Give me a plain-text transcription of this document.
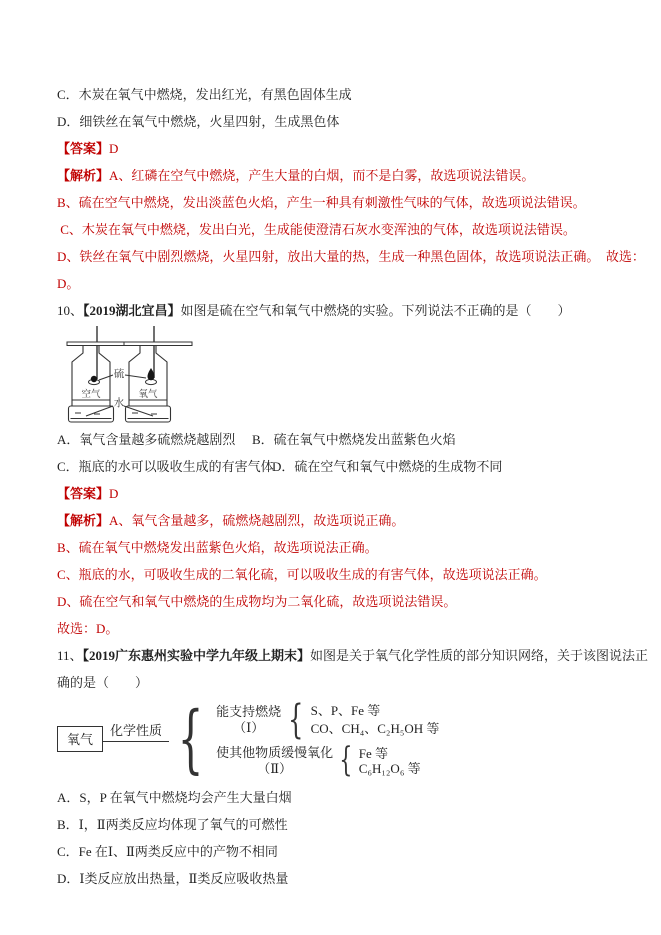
C．木炭在氧气中燃烧，发出红光，有黑色固体生成

D．细铁丝在氧气中燃烧，火星四射，生成黑色体

【答案】D

【解析】A、红磷在空气中燃烧，产生大量的白烟，而不是白雾，故选项说法错误。

B、硫在空气中燃烧，发出淡蓝色火焰，产生一种具有刺激性气味的气体，故选项说法错误。

C、木炭在氧气中燃烧，发出白光，生成能使澄清石灰水变浑浊的气体，故选项说法错误。

D、铁丝在氧气中剧烈燃烧，火星四射，放出大量的热，生成一种黑色固体，故选项说法正确。  故选：D。

10、【2019湖北宜昌】如图是硫在空气和氧气中燃烧的实验。下列说法不正确的是（　　）

空气	氧气
硫
水

A．氧气含量越多硫燃烧越剧烈 B．硫在氧气中燃烧发出蓝紫色火焰

C．瓶底的水可以吸收生成的有害气体D．硫在空气和氧气中燃烧的生成物不同

【答案】D

【解析】A、氧气含量越多，硫燃烧越剧烈，故选项说正确。

B、硫在氧气中燃烧发出蓝紫色火焰，故选项说法正确。

C、瓶底的水，可吸收生成的二氧化硫，可以吸收生成的有害气体，故选项说法正确。

D、硫在空气和氧气中燃烧的生成物均为二氧化硫，故选项说法错误。

故选：D。

11、【2019广东惠州实验中学九年级上期末】如图是关于氧气化学性质的部分知识网络，关于该图说法正确的是（　　）

氧气
化学性质 { 能支持燃烧
（Ⅰ） { S、P、Fe 等
CO、CH₄、C₂H₅OH 等
使其他物质缓慢氧化
（Ⅱ） { Fe 等
C₆H₁₂O₆ 等

A．S，P 在氧气中燃烧均会产生大量白烟

B．Ⅰ，Ⅱ两类反应均体现了氧气的可燃性

C．Fe 在Ⅰ、Ⅱ两类反应中的产物不相同

D．Ⅰ类反应放出热量，Ⅱ类反应吸收热量
